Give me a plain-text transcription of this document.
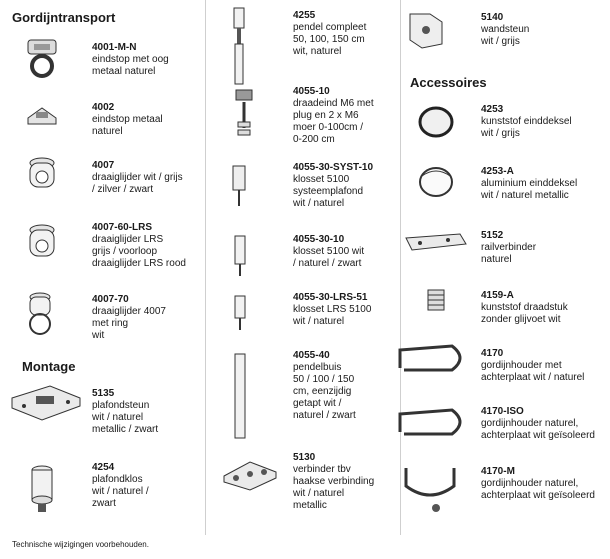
Gordijntransport
4001-M-N
eindstop met oog
metaal naturel
4002
eindstop metaal
naturel
4007
draaiglijder wit / grijs
/ zilver / zwart
4007-60-LRS
draaiglijder LRS
grijs / voorloop
draaiglijder LRS rood
4007-70
draaiglijder 4007
met ring
wit
Montage
5135
plafondsteun
wit / naturel
metallic / zwart
4254
plafondklos
wit / naturel /
zwart
4255
pendel compleet
50, 100, 150 cm
wit, naturel
4055-10
draadeind M6 met
plug en 2 x M6
moer 0-100cm /
0-200 cm
4055-30-SYST-10
klosset 5100
systeemplafond
wit / naturel
4055-30-10
klosset 5100 wit
/ naturel / zwart
4055-30-LRS-51
klosset LRS 5100
wit / naturel
4055-40
pendelbuis
50 / 100 / 150
cm, eenzijdig
getapt wit /
naturel / zwart
5130
verbinder tbv
haakse verbinding
wit / naturel
metallic
5140
wandsteun
wit / grijs
Accessoires
4253
kunststof einddeksel
wit / grijs
4253-A
aluminium einddeksel
wit / naturel metallic
5152
railverbinder
naturel
4159-A
kunststof draadstuk
zonder glijvoet wit
4170
gordijnhouder met
achterplaat wit / naturel
4170-ISO
gordijnhouder naturel,
achterplaat wit geïsoleerd
4170-M
gordijnhouder naturel,
achterplaat wit geïsoleerd
Technische wijzigingen voorbehouden.
